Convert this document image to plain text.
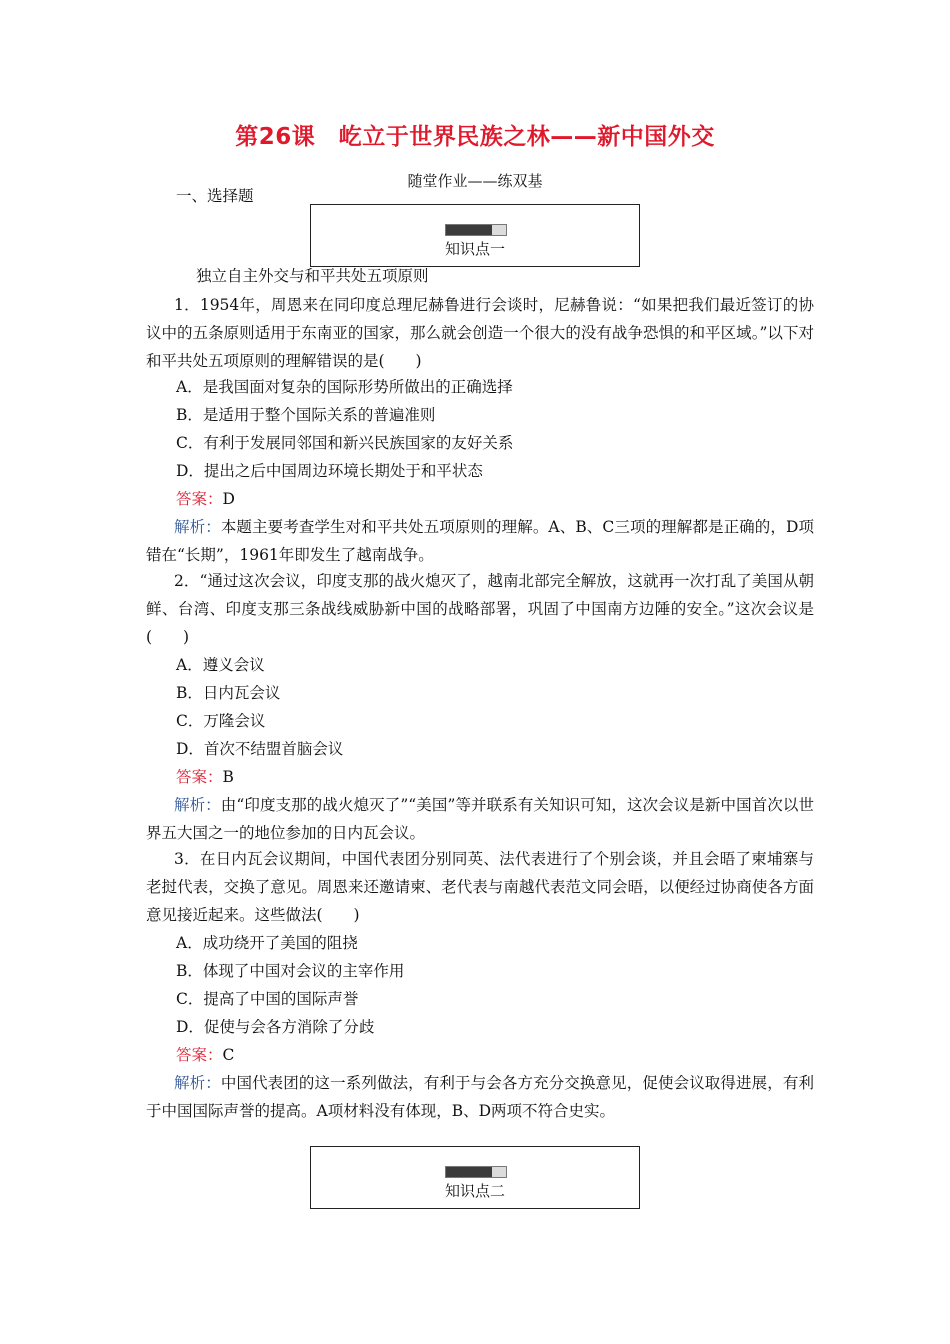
第26课　屹立于世界民族之林——新中国外交
随堂作业——练双基
一、选择题
知识点一
独立自主外交与和平共处五项原则
1．1954年，周恩来在同印度总理尼赫鲁进行会谈时，尼赫鲁说：“如果把我们最近签订的协议中的五条原则适用于东南亚的国家，那么就会创造一个很大的没有战争恐惧的和平区域。”以下对和平共处五项原则的理解错误的是(　　)
A．是我国面对复杂的国际形势所做出的正确选择
B．是适用于整个国际关系的普遍准则
C．有利于发展同邻国和新兴民族国家的友好关系
D．提出之后中国周边环境长期处于和平状态
答案：D
解析：本题主要考查学生对和平共处五项原则的理解。A、B、C三项的理解都是正确的，D项错在“长期”，1961年即发生了越南战争。
2．“通过这次会议，印度支那的战火熄灭了，越南北部完全解放，这就再一次打乱了美国从朝鲜、台湾、印度支那三条战线威胁新中国的战略部署，巩固了中国南方边陲的安全。”这次会议是(　　)
A．遵义会议
B．日内瓦会议
C．万隆会议
D．首次不结盟首脑会议
答案：B
解析：由“印度支那的战火熄灭了”“美国”等并联系有关知识可知，这次会议是新中国首次以世界五大国之一的地位参加的日内瓦会议。
3．在日内瓦会议期间，中国代表团分别同英、法代表进行了个别会谈，并且会晤了柬埔寨与老挝代表，交换了意见。周恩来还邀请柬、老代表与南越代表范文同会晤，以便经过协商使各方面意见接近起来。这些做法(　　)
A．成功绕开了美国的阻挠
B．体现了中国对会议的主宰作用
C．提高了中国的国际声誉
D．促使与会各方消除了分歧
答案：C
解析：中国代表团的这一系列做法，有利于与会各方充分交换意见，促使会议取得进展，有利于中国国际声誉的提高。A项材料没有体现，B、D两项不符合史实。
知识点二
